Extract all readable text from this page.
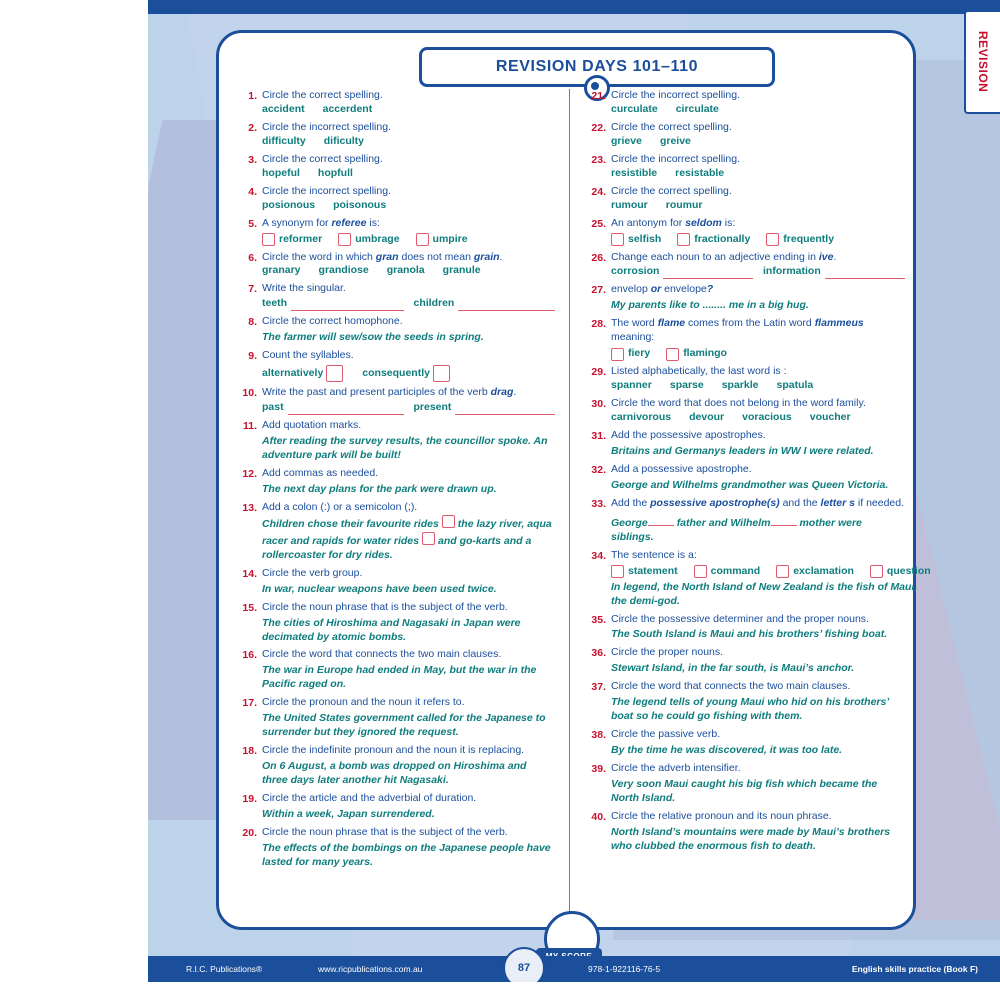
REVISION
REVISION DAYS 101–110
1. Circle the correct spelling.
accident accerdent
2. Circle the incorrect spelling.
difficulty dificulty
3. Circle the correct spelling.
hopeful hopfull
4. Circle the incorrect spelling.
posionous poisonous
5. A synonym for referee is:
reformer	umbrage	umpire
6. Circle the word in which gran does not mean grain.
granary grandiose granola granule
7. Write the singular.
teeth	children
8. Circle the correct homophone.
The farmer will sew/sow the seeds in spring.
9. Count the syllables.
alternatively	consequently
10. Write the past and present participles of the verb drag.
past	present
11. Add quotation marks.
After reading the survey results, the councillor spoke. An adventure park will be built!
12. Add commas as needed.
The next day plans for the park were drawn up.
13. Add a colon (:) or a semicolon (;).
Children chose their favourite rides the lazy river, aqua racer and rapids for water rides and go-karts and a rollercoaster for dry rides.
14. Circle the verb group.
In war, nuclear weapons have been used twice.
15. Circle the noun phrase that is the subject of the verb.
The cities of Hiroshima and Nagasaki in Japan were decimated by atomic bombs.
16. Circle the word that connects the two main clauses.
The war in Europe had ended in May, but the war in the Pacific raged on.
17. Circle the pronoun and the noun it refers to.
The United States government called for the Japanese to surrender but they ignored the request.
18. Circle the indefinite pronoun and the noun it is replacing.
On 6 August, a bomb was dropped on Hiroshima and three days later another hit Nagasaki.
19. Circle the article and the adverbial of duration.
Within a week, Japan surrendered.
20. Circle the noun phrase that is the subject of the verb.
The effects of the bombings on the Japanese people have lasted for many years.
21. Circle the incorrect spelling.
curculate circulate
22. Circle the correct spelling.
grieve greive
23. Circle the incorrect spelling.
resistible resistable
24. Circle the correct spelling.
rumour roumur
25. An antonym for seldom is:
selfish	fractionally	frequently
26. Change each noun to an adjective ending in ive.
corrosion	information
27. envelop or envelope?
My parents like to ........ me in a big hug.
28. The word flame comes from the Latin word flammeus meaning:
fiery	flamingo
29. Listed alphabetically, the last word is :
spanner sparse sparkle spatula
30. Circle the word that does not belong in the word family.
carnivorous devour voracious voucher
31. Add the possessive apostrophes.
Britains and Germanys leaders in WW I were related.
32. Add a possessive apostrophe.
George and Wilhelms grandmother was Queen Victoria.
33. Add the possessive apostrophe(s) and the letter s if needed.
George	father and Wilhelm	mother were siblings.
34. The sentence is a:
statement	command	exclamation	question
In legend, the North Island of New Zealand is the fish of Maui, the demi-god.
35. Circle the possessive determiner and the proper nouns.
The South Island is Maui and his brothers’ fishing boat.
36. Circle the proper nouns.
Stewart Island, in the far south, is Maui’s anchor.
37. Circle the word that connects the two main clauses.
The legend tells of young Maui who hid on his brothers’ boat so he could go fishing with them.
38. Circle the passive verb.
By the time he was discovered, it was too late.
39. Circle the adverb intensifier.
Very soon Maui caught his big fish which became the North Island.
40. Circle the relative pronoun and its noun phrase.
North Island’s mountains were made by Maui’s brothers who clubbed the enormous fish to death.
R.I.C. Publications®	www.ricpublications.com.au	978-1-922116-76-5	English skills practice (Book F)
87
